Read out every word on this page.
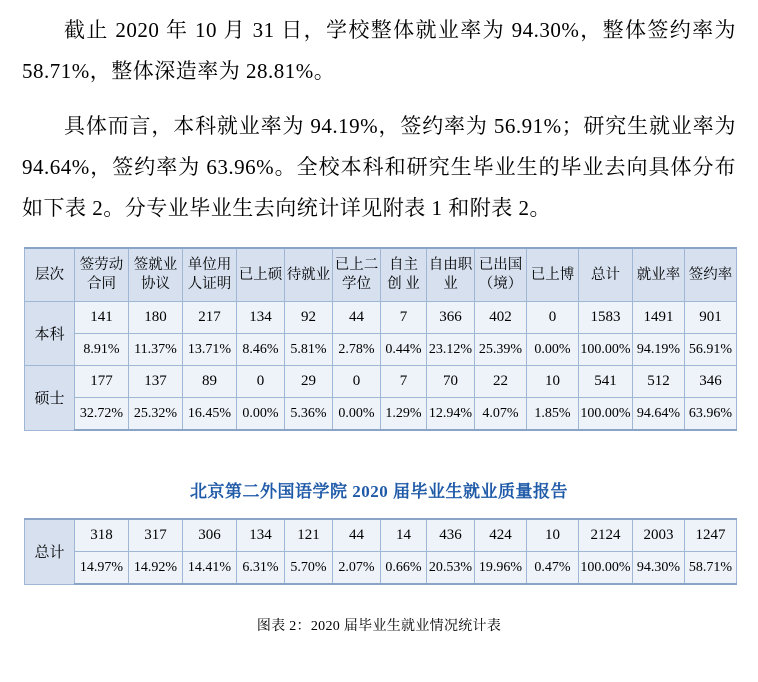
截止 2020 年 10 月 31 日，学校整体就业率为 94.30%，整体签约率为 58.71%，整体深造率为 28.81%。

具体而言，本科就业率为 94.19%，签约率为 56.91%；研究生就业率为 94.64%，签约率为 63.96%。全校本科和研究生毕业生的毕业去向具体分布如下表 2。分专业毕业生去向统计详见附表 1 和附表 2。

层次	签劳动 合同	签就业 协议	单位用 人证明	已上硕	待就业	已上二 学位	自主创 业	自由职 业	已出国 （境）	已上博	总计	就业率	签约率
本科	141	180	217	134	92	44	7	366	402	0	1583	1491	901
	8.91%	11.37%	13.71%	8.46%	5.81%	2.78%	0.44%	23.12%	25.39%	0.00%	100.00%	94.19%	56.91%
硕士	177	137	89	0	29	0	7	70	22	10	541	512	346
	32.72%	25.32%	16.45%	0.00%	5.36%	0.00%	1.29%	12.94%	4.07%	1.85%	100.00%	94.64%	63.96%
北京第二外国语学院 2020 届毕业生就业质量报告
总计	318	317	306	134	121	44	14	436	424	10	2124	2003	1247
	14.97%	14.92%	14.41%	6.31%	5.70%	2.07%	0.66%	20.53%	19.96%	0.47%	100.00%	94.30%	58.71%
图表 2：2020 届毕业生就业情况统计表
